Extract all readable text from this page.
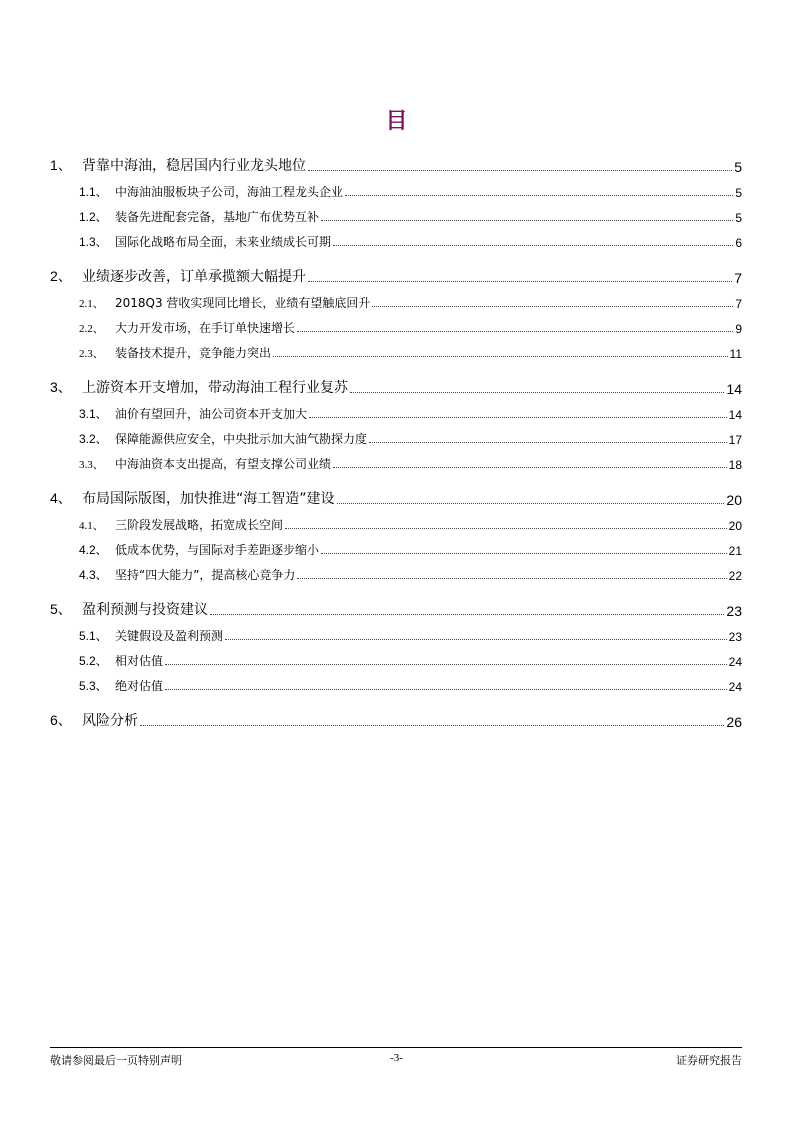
目
1、 背靠中海油，稳居国内行业龙头地位	5
1.1、 中海油油服板块子公司，海油工程龙头企业	5
1.2、 装备先进配套完备，基地广布优势互补	5
1.3、 国际化战略布局全面，未来业绩成长可期	6
2、 业绩逐步改善，订单承揽额大幅提升	7
2.1、 2018Q3 营收实现同比增长，业绩有望触底回升	7
2.2、 大力开发市场，在手订单快速增长	9
2.3、 装备技术提升，竞争能力突出	11
3、 上游资本开支增加，带动海油工程行业复苏	14
3.1、 油价有望回升，油公司资本开支加大	14
3.2、 保障能源供应安全，中央批示加大油气勘探力度	17
3.3、 中海油资本支出提高，有望支撑公司业绩	18
4、 布局国际版图，加快推进“海工智造”建设	20
4.1、 三阶段发展战略，拓宽成长空间	20
4.2、 低成本优势，与国际对手差距逐步缩小	21
4.3、 坚持“四大能力”，提高核心竞争力	22
5、 盈利预测与投资建议	23
5.1、 关键假设及盈利预测	23
5.2、 相对估值	24
5.3、 绝对估值	24
6、 风险分析	26
敬请参阅最后一页特别声明	-3-	证券研究报告
